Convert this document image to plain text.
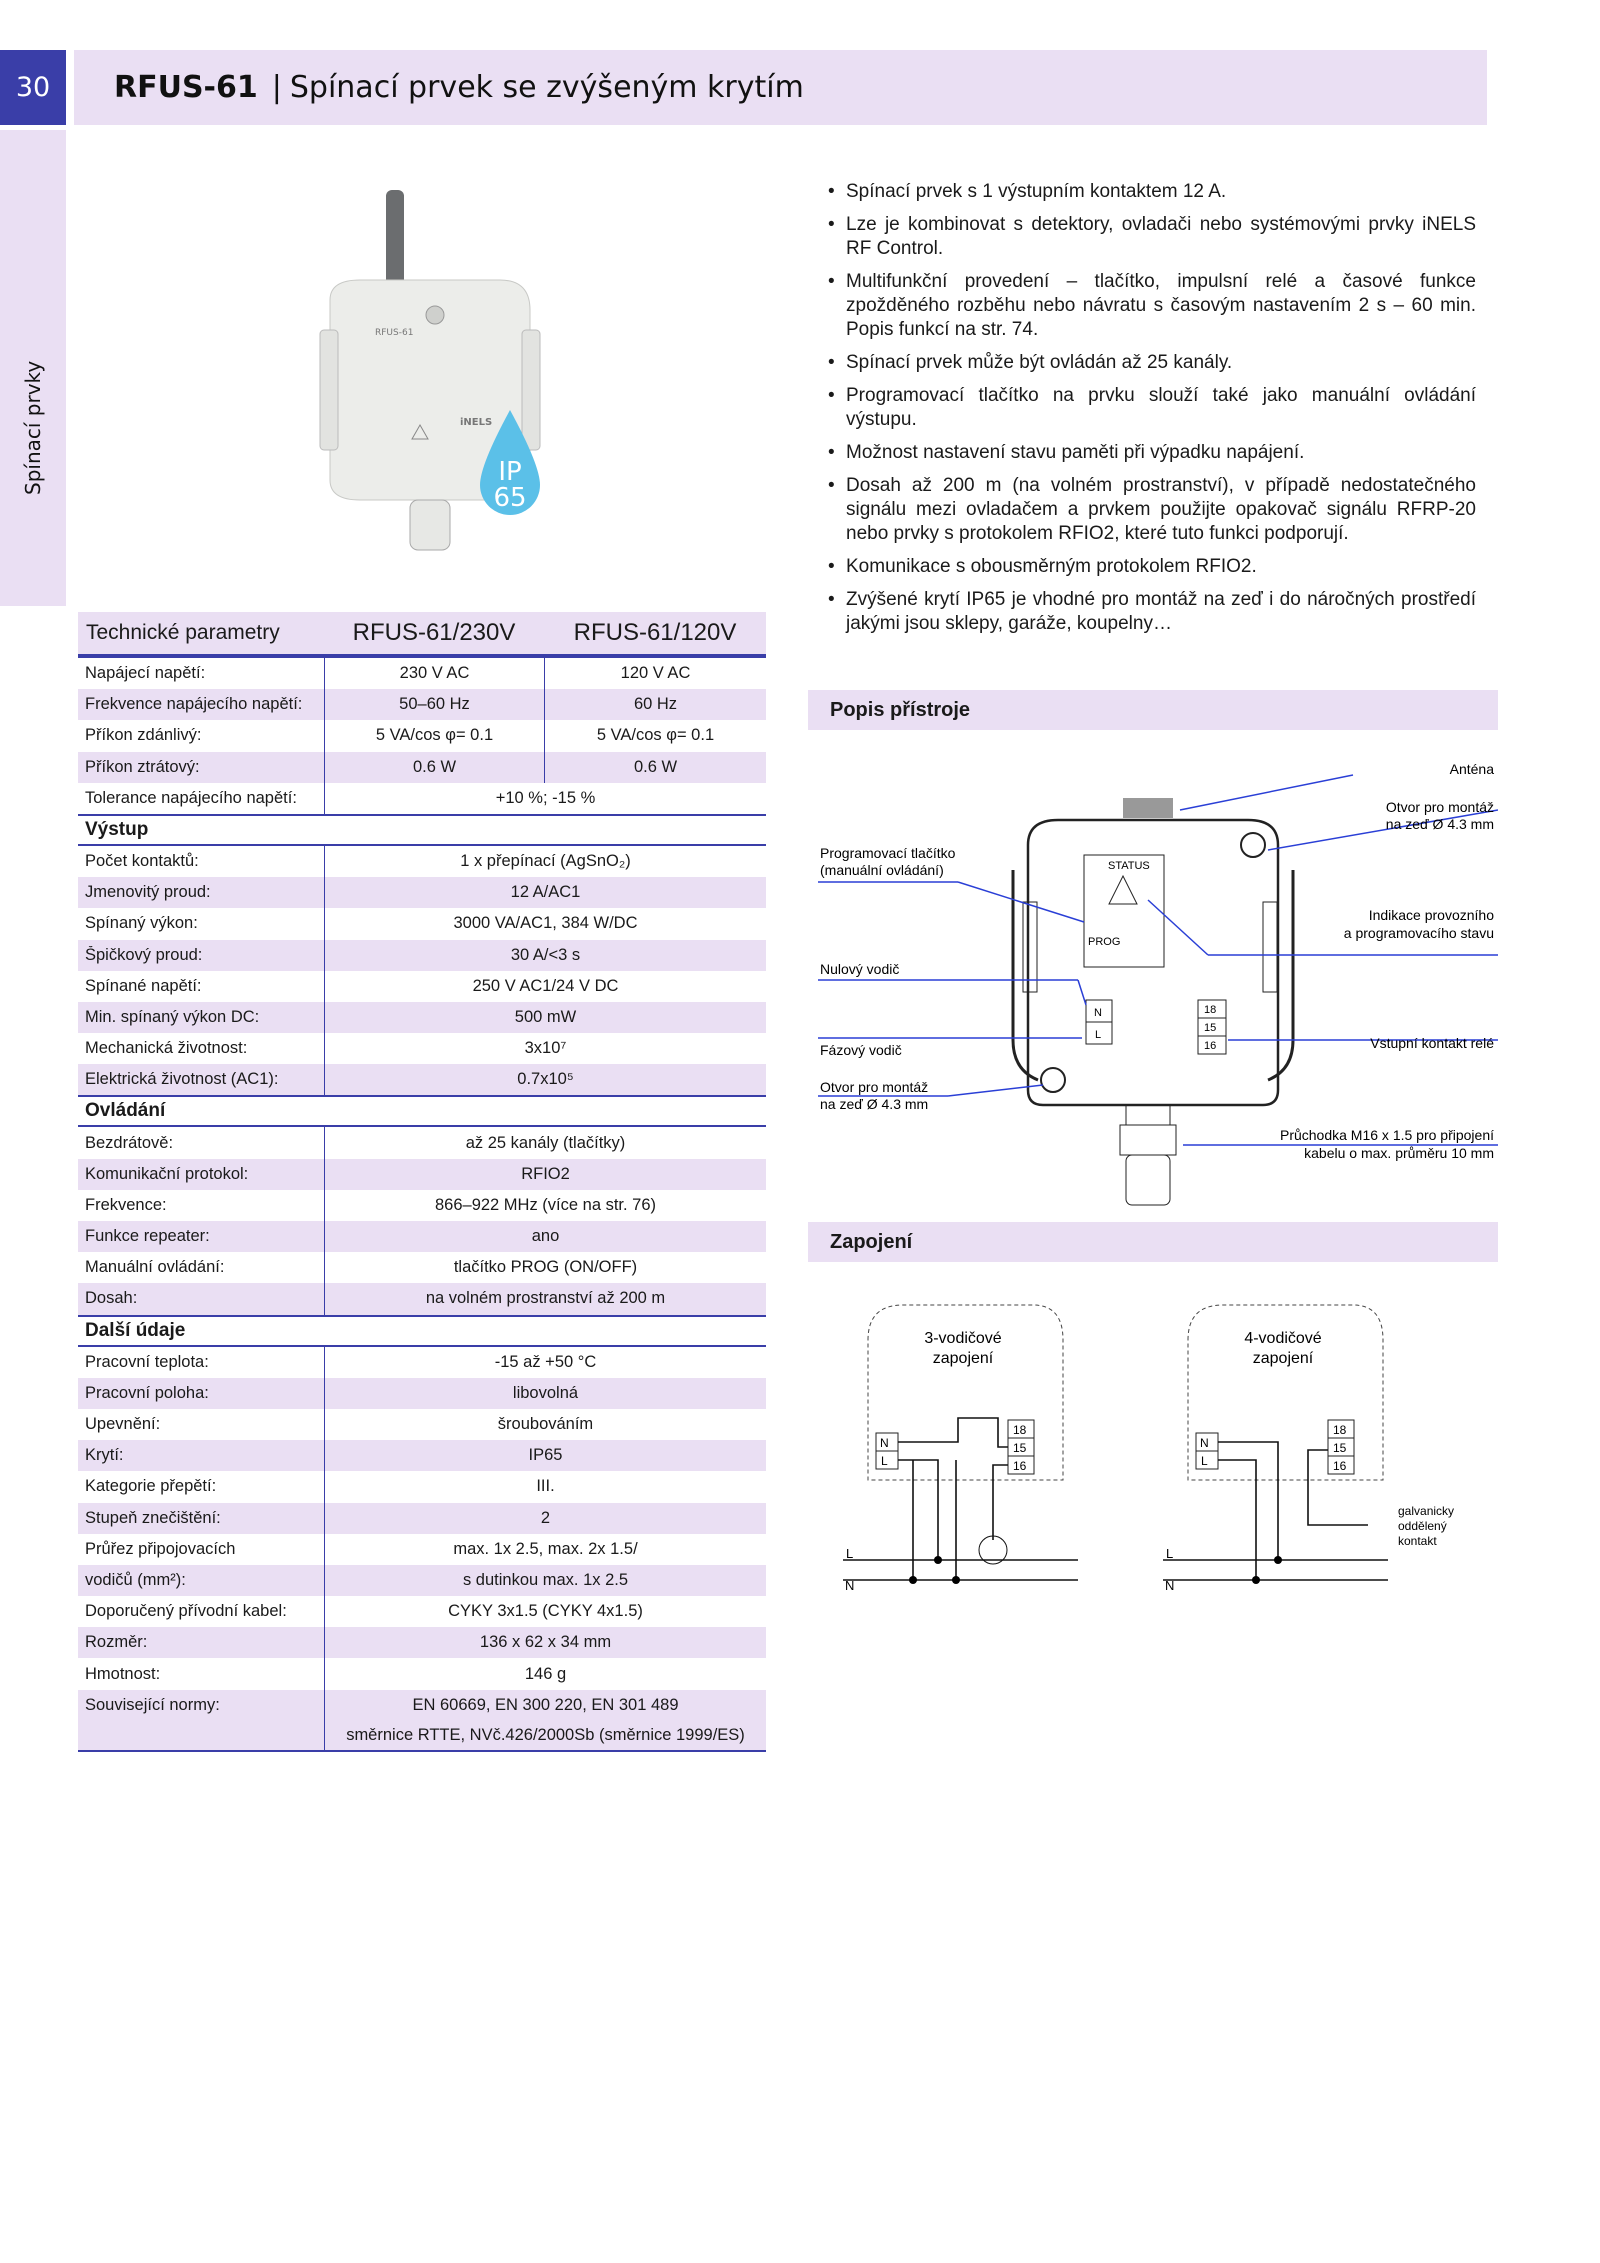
30	RFUS-61 | Spínací prvek se zvýšeným krytím
Spínací prvky
RFUS-61
iNELS
IP
65
Technické parametry	RFUS-61/230V	RFUS-61/120V
Napájecí napětí:	230 V AC	120 V AC
Frekvence napájecího napětí:	50–60 Hz	60 Hz
Příkon zdánlivý:	5 VA/cos φ= 0.1	5 VA/cos φ= 0.1
Příkon ztrátový:	0.6 W	0.6 W
Tolerance napájecího napětí:	+10 %; -15 %
Výstup
Počet kontaktů:	1 x přepínací (AgSnO₂)
Jmenovitý proud:	12 A/AC1
Spínaný výkon:	3000 VA/AC1, 384 W/DC
Špičkový proud:	30 A/<3 s
Spínané napětí:	250 V AC1/24 V DC
Min. spínaný výkon DC:	500 mW
Mechanická životnost:	3x10⁷
Elektrická životnost (AC1):	0.7x10⁵
Ovládání
Bezdrátově:	až 25 kanály (tlačítky)
Komunikační protokol:	RFIO2
Frekvence:	866–922 MHz (více na str. 76)
Funkce repeater:	ano
Manuální ovládání:	tlačítko PROG (ON/OFF)
Dosah:	na volném prostranství až 200 m
Další údaje
Pracovní teplota:	-15 až +50 °C
Pracovní poloha:	libovolná
Upevnění:	šroubováním
Krytí:	IP65
Kategorie přepětí:	III.
Stupeň znečištění:	2
Průřez připojovacích	max. 1x 2.5, max. 2x 1.5/
vodičů (mm²):	s dutinkou max. 1x 2.5
Doporučený přívodní kabel:	CYKY 3x1.5 (CYKY 4x1.5)
Rozměr:	136 x 62 x 34 mm
Hmotnost:	146 g
Související normy:	EN 60669, EN 300 220, EN 301 489
směrnice RTTE, NVč.426/2000Sb (směrnice 1999/ES)
• Spínací prvek s 1 výstupním kontaktem 12 A.
• Lze je kombinovat s detektory, ovladači nebo systémovými prvky iNELS RF Control.
• Multifunkční provedení – tlačítko, impulsní relé a časové funkce zpožděného rozběhu nebo návratu s časovým nastavením 2 s – 60 min. Popis funkcí na str. 74.
• Spínací prvek může být ovládán až 25 kanály.
• Programovací tlačítko na prvku slouží také jako manuální ovládání výstupu.
• Možnost nastavení stavu paměti při výpadku napájení.
• Dosah až 200 m (na volném prostranství), v případě nedostatečného signálu mezi ovladačem a prvkem použijte opakovač signálu RFRP-20 nebo prvky s protokolem RFIO2, které tuto funkci podporují.
• Komunikace s obousměrným protokolem RFIO2.
• Zvýšené krytí IP65 je vhodné pro montáž na zeď i do náročných prostředí jakými jsou sklepy, garáže, koupelny…
Popis přístroje
STATUS
PROG
N
L
18
15
16
Anténa
Otvor pro montáž
na zeď Ø 4.3 mm
Programovací tlačítko
(manuální ovládání)
Indikace provozního
a programovacího stavu
Nulový vodič
Fázový vodič	Vstupní kontakt relé
Otvor pro montáž
na zeď Ø 4.3 mm
Průchodka M16 x 1.5 pro připojení
kabelu o max. průměru 10 mm
Zapojení
3-vodičové
zapojení
N
L
18
15
16
L
N
4-vodičové
zapojení
N
L
18
15
16
L
N
galvanicky
oddělený
kontakt
